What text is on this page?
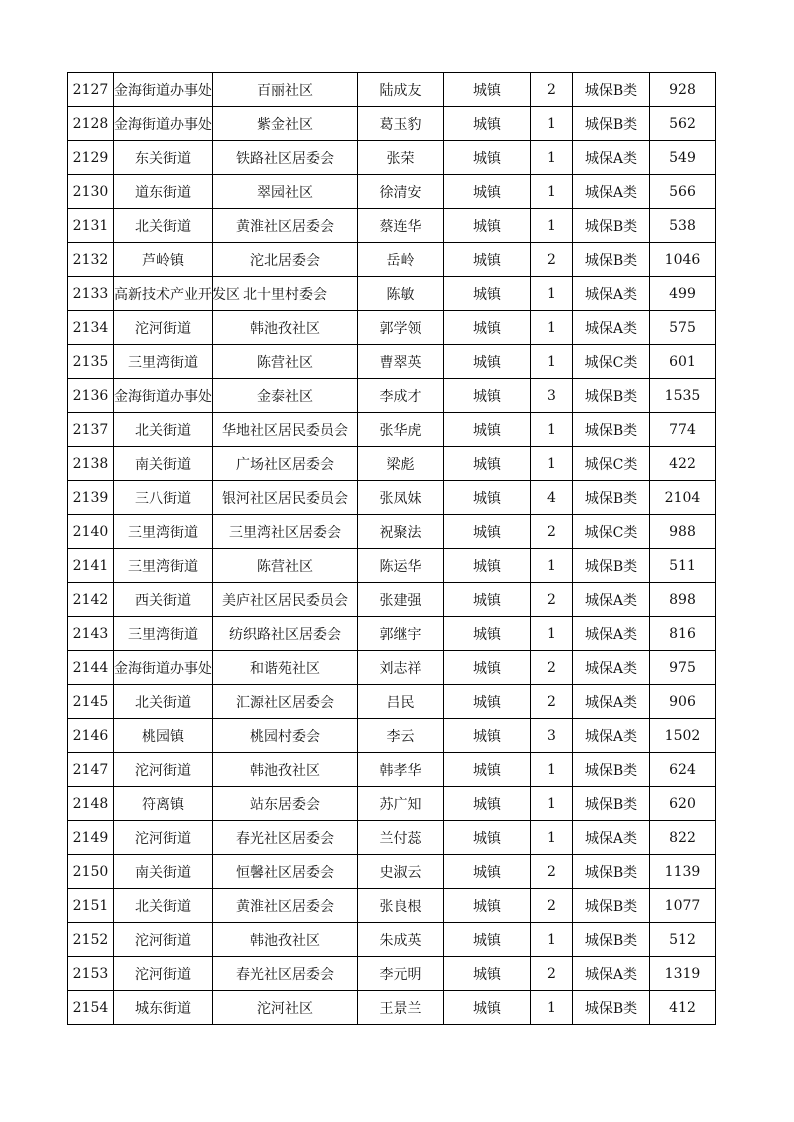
2127	金海街道办事处	百丽社区	陆成友	城镇	2	城保B类	928
2128	金海街道办事处	紫金社区	葛玉豹	城镇	1	城保B类	562
2129	东关街道	铁路社区居委会	张荣	城镇	1	城保A类	549
2130	道东街道	翠园社区	徐清安	城镇	1	城保A类	566
2131	北关街道	黄淮社区居委会	蔡连华	城镇	1	城保B类	538
2132	芦岭镇	沱北居委会	岳岭	城镇	2	城保B类	1046
2133	高新技术产业开发区	北十里村委会	陈敏	城镇	1	城保A类	499
2134	沱河街道	韩池孜社区	郭学领	城镇	1	城保A类	575
2135	三里湾街道	陈营社区	曹翠英	城镇	1	城保C类	601
2136	金海街道办事处	金泰社区	李成才	城镇	3	城保B类	1535
2137	北关街道	华地社区居民委员会	张华虎	城镇	1	城保B类	774
2138	南关街道	广场社区居委会	梁彪	城镇	1	城保C类	422
2139	三八街道	银河社区居民委员会	张凤妹	城镇	4	城保B类	2104
2140	三里湾街道	三里湾社区居委会	祝聚法	城镇	2	城保C类	988
2141	三里湾街道	陈营社区	陈运华	城镇	1	城保B类	511
2142	西关街道	美庐社区居民委员会	张建强	城镇	2	城保A类	898
2143	三里湾街道	纺织路社区居委会	郭继宇	城镇	1	城保A类	816
2144	金海街道办事处	和谐苑社区	刘志祥	城镇	2	城保A类	975
2145	北关街道	汇源社区居委会	吕民	城镇	2	城保A类	906
2146	桃园镇	桃园村委会	李云	城镇	3	城保A类	1502
2147	沱河街道	韩池孜社区	韩孝华	城镇	1	城保B类	624
2148	符离镇	站东居委会	苏广知	城镇	1	城保B类	620
2149	沱河街道	春光社区居委会	兰付蕊	城镇	1	城保A类	822
2150	南关街道	恒馨社区居委会	史淑云	城镇	2	城保B类	1139
2151	北关街道	黄淮社区居委会	张良根	城镇	2	城保B类	1077
2152	沱河街道	韩池孜社区	朱成英	城镇	1	城保B类	512
2153	沱河街道	春光社区居委会	李元明	城镇	2	城保A类	1319
2154	城东街道	沱河社区	王景兰	城镇	1	城保B类	412
